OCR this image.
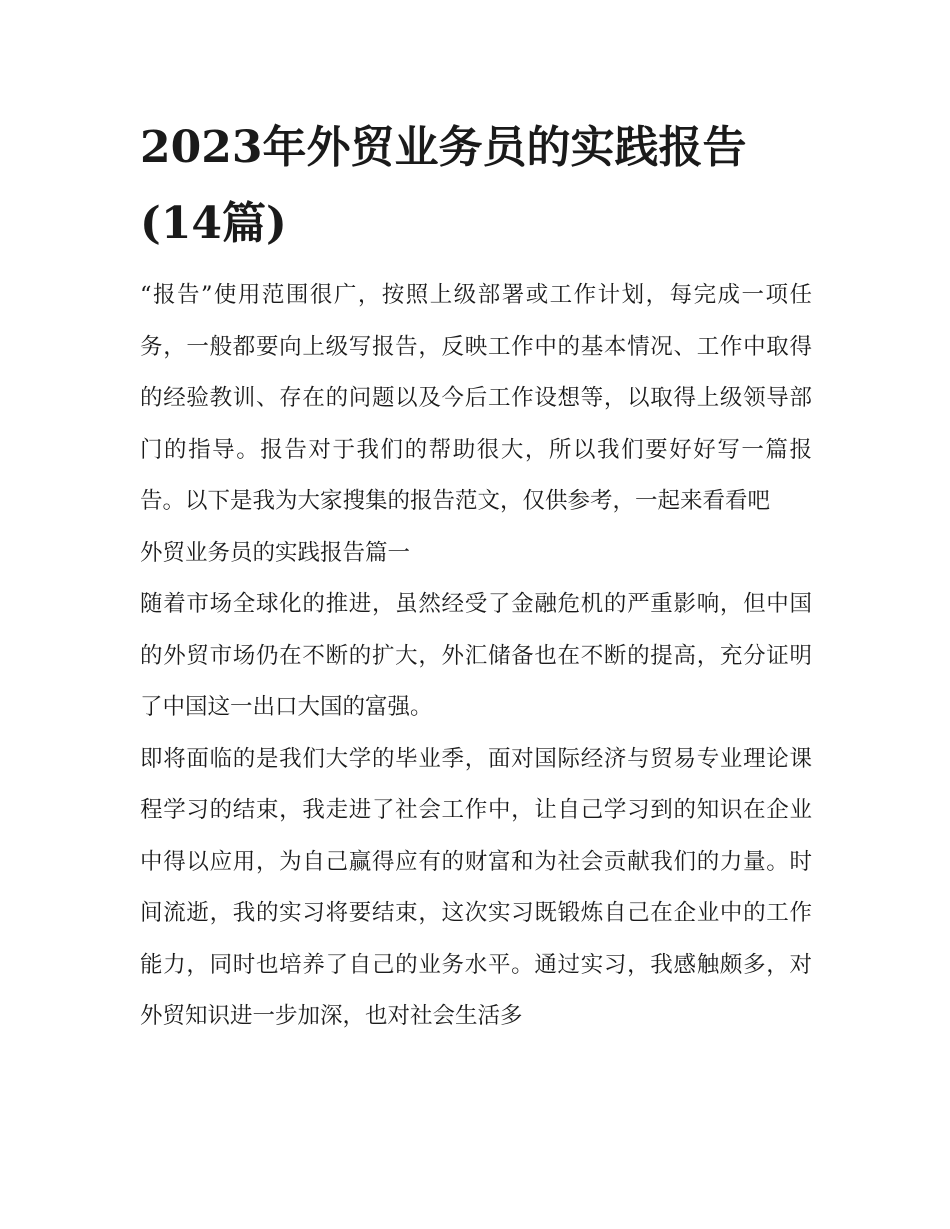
2023年外贸业务员的实践报告(14篇)

“报告”使用范围很广，按照上级部署或工作计划，每完成一项任务，一般都要向上级写报告，反映工作中的基本情况、工作中取得的经验教训、存在的问题以及今后工作设想等，以取得上级领导部门的指导。报告对于我们的帮助很大，所以我们要好好写一篇报告。以下是我为大家搜集的报告范文，仅供参考，一起来看看吧

外贸业务员的实践报告篇一

随着市场全球化的推进，虽然经受了金融危机的严重影响，但中国的外贸市场仍在不断的扩大，外汇储备也在不断的提高，充分证明了中国这一出口大国的富强。

即将面临的是我们大学的毕业季，面对国际经济与贸易专业理论课程学习的结束，我走进了社会工作中，让自己学习到的知识在企业中得以应用，为自己赢得应有的财富和为社会贡献我们的力量。时间流逝，我的实习将要结束，这次实习既锻炼自己在企业中的工作能力，同时也培养了自己的业务水平。通过实习，我感触颇多，对外贸知识进一步加深，也对社会生活多
